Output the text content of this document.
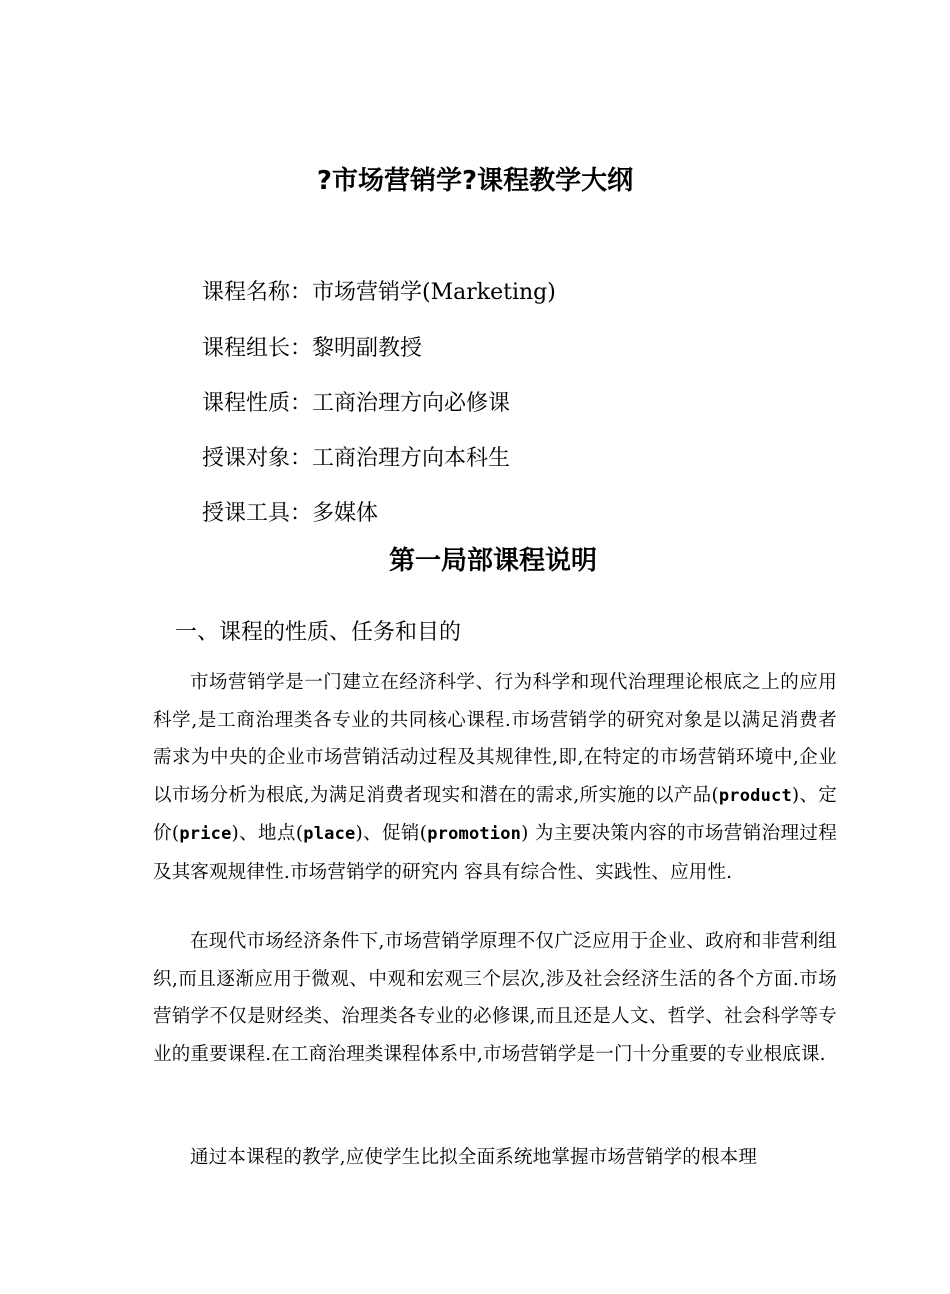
?市场营销学?课程教学大纲
课程名称：市场营销学(Marketing)
课程组长：黎明副教授
课程性质：工商治理方向必修课
授课对象：工商治理方向本科生
授课工具：多媒体
第一局部课程说明
一、课程的性质、任务和目的
市场营销学是一门建立在经济科学、行为科学和现代治理理论根底之上的应用科学,是工商治理类各专业的共同核心课程.市场营销学的研究对象是以满足消费者需求为中央的企业市场营销活动过程及其规律性,即,在特定的市场营销环境中,企业以市场分析为根底,为满足消费者现实和潜在的需求,所实施的以产品(product)、定价(price)、地点(place)、促销(promotion) 为主要决策内容的市场营销治理过程及其客观规律性.市场营销学的研究内 容具有综合性、实践性、应用性.
在现代市场经济条件下,市场营销学原理不仅广泛应用于企业、政府和非营利组织,而且逐渐应用于微观、中观和宏观三个层次,涉及社会经济生活的各个方面.市场营销学不仅是财经类、治理类各专业的必修课,而且还是人文、哲学、社会科学等专业的重要课程.在工商治理类课程体系中,市场营销学是一门十分重要的专业根底课.
通过本课程的教学,应使学生比拟全面系统地掌握市场营销学的根本理
